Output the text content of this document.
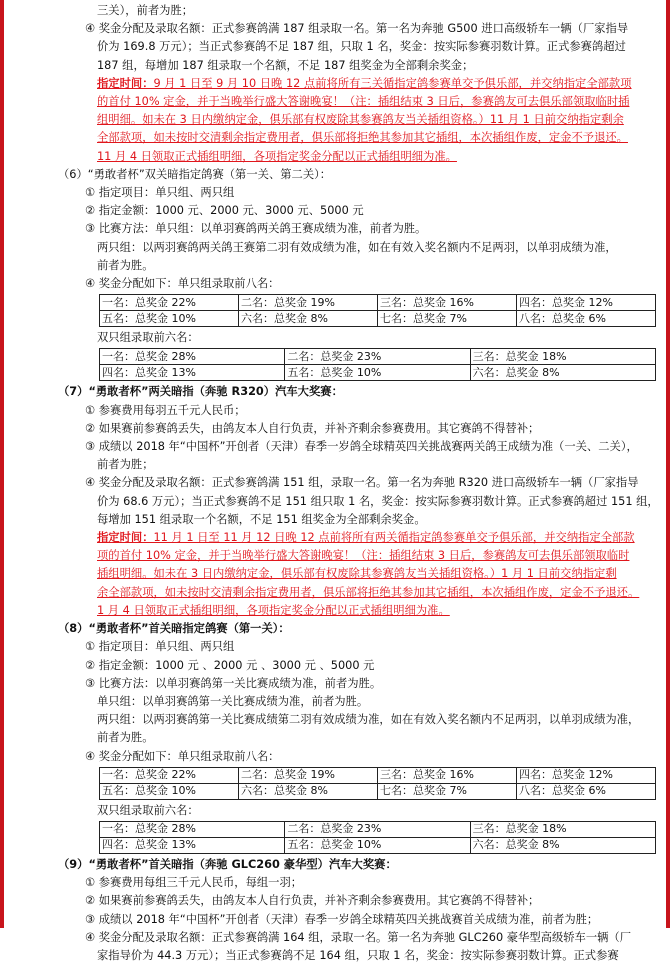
三关），前者为胜；
④ 奖金分配及录取名额：正式参赛鸽满 187 组录取一名。第一名为奔驰 G500 进口高级轿车一辆（厂家指导
价为 169.8 万元）；当正式参赛鸽不足 187 组，只取 1 名，奖金：按实际参赛羽数计算。正式参赛鸽超过
187 组，每增加 187 组录取一个名额，不足 187 组奖金为全部剩余奖金；
指定时间：9 月 1 日至 9 月 10 日晚 12 点前将所有三关循指定鸽参赛单交予俱乐部，并交纳指定全部款项
的首付 10% 定金，并于当晚举行盛大答谢晚宴！（注：插组结束 3 日后，参赛鸽友可去俱乐部领取临时插
组明细。如未在 3 日内缴纳定金，俱乐部有权废除其参赛鸽友当关插组资格。）11 月 1 日前交纳指定剩余
全部款项，如未按时交清剩余指定费用者，俱乐部将拒绝其参加其它插组，本次插组作废，定金不予退还。
11 月 4 日领取正式插组明细，各项指定奖金分配以正式插组明细为准。
（6）“勇敢者杯”双关暗指定鸽赛（第一关、第二关）：
① 指定项目：单只组、两只组
② 指定金额：1000 元、2000 元、3000 元、5000 元
③ 比赛方法：单只组：以单羽赛鸽两关鸽王赛成绩为准，前者为胜。
两只组：以两羽赛鸽两关鸽王赛第二羽有效成绩为准，如在有效入奖名额内不足两羽，以单羽成绩为准，
前者为胜。
④ 奖金分配如下：单只组录取前八名：
一名：总奖金 22%	二名：总奖金 19%	三名：总奖金 16%	四名：总奖金 12%
五名：总奖金 10%	六名：总奖金 8%	七名：总奖金 7%	八名：总奖金 6%
双只组录取前六名：
一名：总奖金 28%	二名：总奖金 23%	三名：总奖金 18%
四名：总奖金 13%	五名：总奖金 10%	六名：总奖金 8%
（7）“勇敢者杯”两关暗指（奔驰 R320）汽车大奖赛：
① 参赛费用每羽五千元人民币；
② 如果赛前参赛鸽丢失，由鸽友本人自行负责，并补齐剩余参赛费用。其它赛鸽不得替补；
③ 成绩以 2018 年“中国杯”开创者（天津）春季一岁鸽全球精英四关挑战赛两关鸽王成绩为准（一关、二关），
前者为胜；
④ 奖金分配及录取名额：正式参赛鸽满 151 组，录取一名。第一名为奔驰 R320 进口高级轿车一辆（厂家指导
价为 68.6 万元）；当正式参赛鸽不足 151 组只取 1 名，奖金：按实际参赛羽数计算。正式参赛鸽超过 151 组，
每增加 151 组录取一个名额，不足 151 组奖金为全部剩余奖金。
指定时间：11 月 1 日至 11 月 12 日晚 12 点前将所有两关循指定鸽参赛单交予俱乐部，并交纳指定全部款
项的首付 10% 定金，并于当晚举行盛大答谢晚宴！（注：插组结束 3 日后，参赛鸽友可去俱乐部领取临时
插组明细。如未在 3 日内缴纳定金，俱乐部有权废除其参赛鸽友当关插组资格。）1 月 1 日前交纳指定剩
余全部款项，如未按时交清剩余指定费用者，俱乐部将拒绝其参加其它插组，本次插组作废，定金不予退还。
1 月 4 日领取正式插组明细，各项指定奖金分配以正式插组明细为准。
（8）“勇敢者杯”首关暗指定鸽赛（第一关）：
① 指定项目：单只组、两只组
② 指定金额：1000 元 、2000 元 、3000 元 、5000 元
③ 比赛方法：以单羽赛鸽第一关比赛成绩为准，前者为胜。
单只组：以单羽赛鸽第一关比赛成绩为准，前者为胜。
两只组：以两羽赛鸽第一关比赛成绩第二羽有效成绩为准，如在有效入奖名额内不足两羽，以单羽成绩为准，
前者为胜。
④ 奖金分配如下：单只组录取前八名：
一名：总奖金 22%	二名：总奖金 19%	三名：总奖金 16%	四名：总奖金 12%
五名：总奖金 10%	六名：总奖金 8%	七名：总奖金 7%	八名：总奖金 6%
双只组录取前六名：
一名：总奖金 28%	二名：总奖金 23%	三名：总奖金 18%
四名：总奖金 13%	五名：总奖金 10%	六名：总奖金 8%
（9）“勇敢者杯”首关暗指（奔驰 GLC260 豪华型）汽车大奖赛：
① 参赛费用每组三千元人民币，每组一羽；
② 如果赛前参赛鸽丢失，由鸽友本人自行负责，并补齐剩余参赛费用。其它赛鸽不得替补；
③ 成绩以 2018 年“中国杯”开创者（天津）春季一岁鸽全球精英四关挑战赛首关成绩为准，前者为胜；
④ 奖金分配及录取名额：正式参赛鸽满 164 组，录取一名。第一名为奔驰 GLC260 豪华型高级轿车一辆（厂
家指导价为 44.3 万元）；当正式参赛鸽不足 164 组，只取 1 名，奖金：按实际参赛羽数计算。正式参赛
